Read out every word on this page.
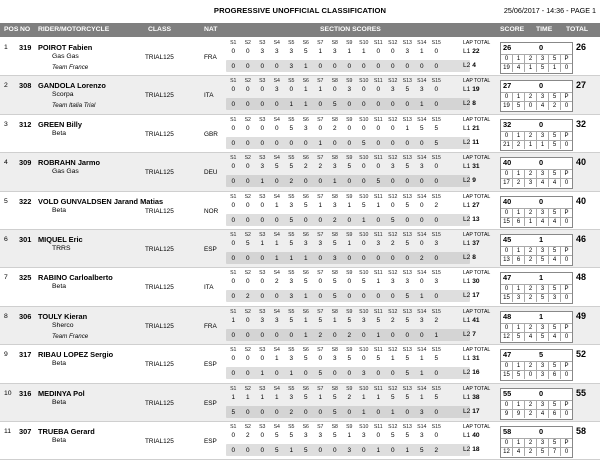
PROGRESSIVE UNOFFICIAL CLASSIFICATION	25/06/2017 - 14:36 - PAGE 1
POS NO RIDER/MOTORCYCLE	CLASS	NAT	SECTION SCORES	SCORE TIME TOTAL
1 319 POIROT Fabien
Gas Gas
Team France
TRIAL125	FRA
S1 S2 S3 S4 S5 S6 S7 S8 S9 S10 S11 S12 S13 S14 S15
0 0 3 3 3 5 1 3 1 1 0 0 3 1 0
0 0 0 0 3 1 0 0 0 0 0 0 0 0 0
LAP TOTAL
L1 22
L2 4
26	0
0	1	2	3	5	P
19	4	1	5	1	0
26
2 308 GANDOLA Lorenzo
Scorpa
Team Italia Trial
TRIAL125	ITA
S1 S2 S3 S4 S5 S6 S7 S8 S9 S10 S11 S12 S13 S14 S15
0 0 0 3 0 1 1 0 3 0 0 3 5 3 0
0 0 0 0 1 1 0 5 0 0 0 0 0 1 0
LAP TOTAL
L1 19
L2 8
27	0
0	1	2	3	5	P
19	5	0	4	2	0
27
3 312 GREEN Billy
Beta	TRIAL125	GBR
S1 S2 S3 S4 S5 S6 S7 S8 S9 S10 S11 S12 S13 S14 S15
0 0 0 0 5 3 0 2 0 0 0 0 1 5 5
0 0 0 0 0 0 1 0 0 5 0 0 0 0 5
LAP TOTAL
L1 21
L2 11
32	0
0	1	2	3	5	P
21	2	1	1	5	0
32
4 309 ROBRAHN Jarmo
Gas Gas	TRIAL125	DEU
S1 S2 S3 S4 S5 S6 S7 S8 S9 S10 S11 S12 S13 S14 S15
0 0 3 5 5 2 2 3 5 0 0 3 5 3 0
0 0 1 0 2 0 0 1 0 0 5 0 0 0 0
LAP TOTAL
L1 31
L2 9
40	0
0	1	2	3	5	P
17	2	3	4	4	0
40
5 322 VOLD GUNVALDSEN Jarand Matias
Beta	TRIAL125	NOR
S1 S2 S3 S4 S5 S6 S7 S8 S9 S10 S11 S12 S13 S14 S15
0 0 0 1 3 5 1 3 1 5 1 0 5 0 2
0 0 0 0 5 0 0 2 0 1 0 5 0 0 0
LAP TOTAL
L1 27
L2 13
40	0
0	1	2	3	5	P
15	6	1	4	4	0
40
6 301 MIQUEL Eric
TRRS	TRIAL125	ESP
S1 S2 S3 S4 S5 S6 S7 S8 S9 S10 S11 S12 S13 S14 S15
0 5 1 1 5 3 3 5 1 0 3 2 5 0 3
0 0 0 1 1 1 0 3 0 0 0 0 0 2 0
LAP TOTAL
L1 37
L2 8
45	1
0	1	2	3	5	P
13	6	2	5	4	0
46
7 325 RABINO Carloalberto
Beta	TRIAL125	ITA
S1 S2 S3 S4 S5 S6 S7 S8 S9 S10 S11 S12 S13 S14 S15
0 0 0 2 3 5 0 5 0 5 1 3 3 0 3
0 2 0 0 3 1 0 5 0 0 0 0 5 1 0
LAP TOTAL
L1 30
L2 17
47	1
0	1	2	3	5	P
15	3	2	5	3	0
48
8 306 TOULY Kieran
Sherco
Team France
TRIAL125	FRA
S1 S2 S3 S4 S5 S6 S7 S8 S9 S10 S11 S12 S13 S14 S15
1 0 3 3 5 1 5 1 5 3 5 2 5 3 2
0 0 0 0 0 1 2 0 2 0 1 0 0 0 1
LAP TOTAL
L1 41
L2 7
48	1
0	1	2	3	5	P
12	5	4	5	4	0
49
9 317 RIBAU LOPEZ Sergio
Beta	TRIAL125	ESP
S1 S2 S3 S4 S5 S6 S7 S8 S9 S10 S11 S12 S13 S14 S15
0 0 0 1 3 5 0 3 5 0 5 1 5 1 5
0 0 1 0 1 0 5 0 0 3 0 0 5 1 0
LAP TOTAL
L1 31
L2 16
47	5
0	1	2	3	5	P
15	5	0	3	6	0
52
10 316 MEDINYA Pol
Beta	TRIAL125	ESP
S1 S2 S3 S4 S5 S6 S7 S8 S9 S10 S11 S12 S13 S14 S15
1 1 1 1 3 5 1 5 2 1 1 5 5 1 5
5 0 0 0 2 0 0 5 0 1 0 1 0 3 0
LAP TOTAL
L1 38
L2 17
55	0
0	1	2	3	5	P
9	9	2	4	6	0
55
11 307 TRUEBA Gerard
Beta	TRIAL125	ESP
S1 S2 S3 S4 S5 S6 S7 S8 S9 S10 S11 S12 S13 S14 S15
0 2 0 5 5 3 3 5 1 3 0 5 5 3 0
0 0 0 5 1 5 0 0 3 0 1 0 1 5 2
LAP TOTAL
L1 40
L2 18
58	0
0	1	2	3	5	P
12	4	2	5	7	0
58
